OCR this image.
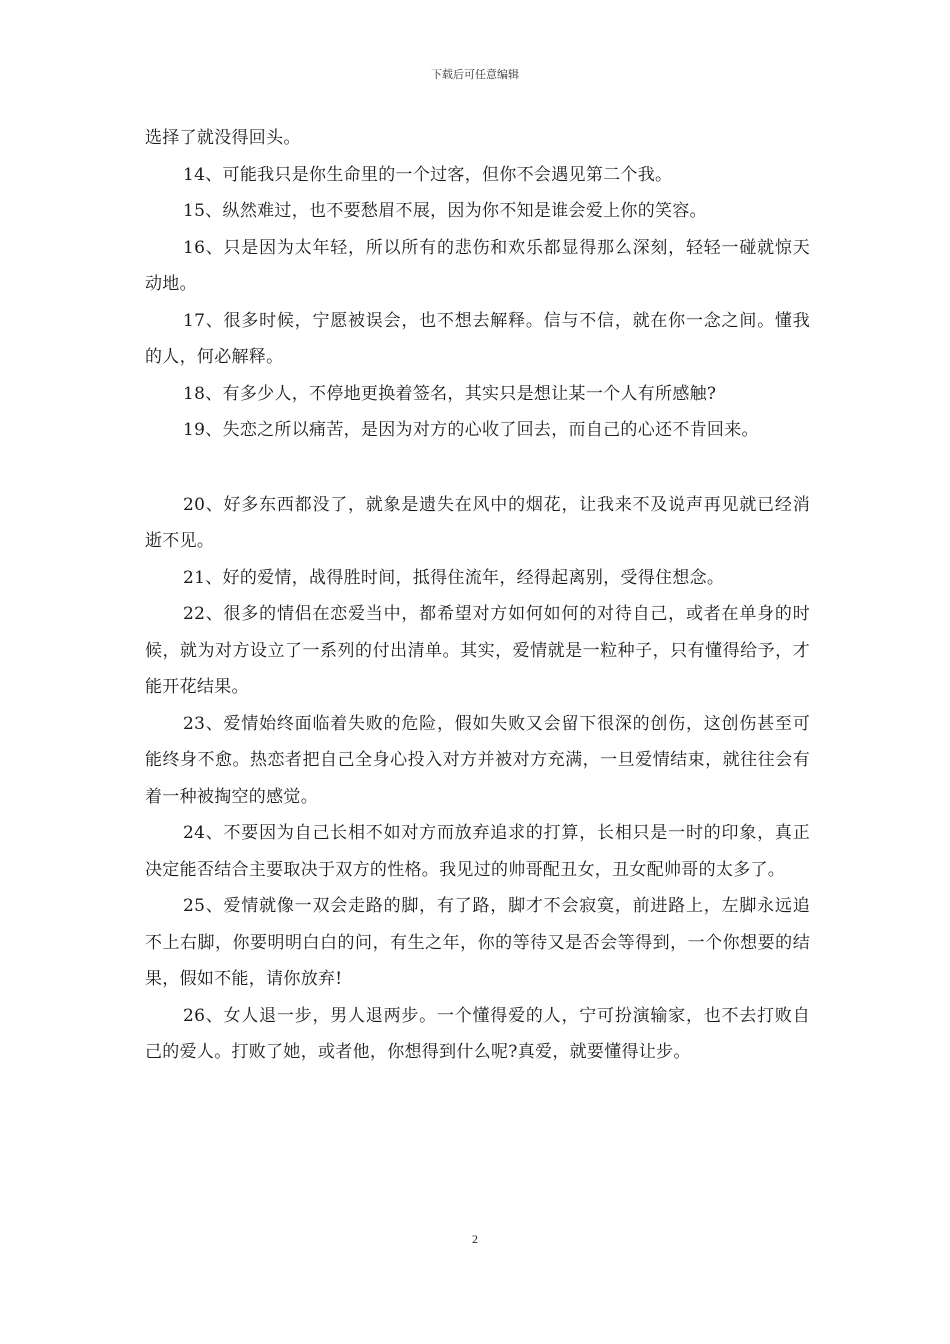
下载后可任意编辑

选择了就没得回头。

14、可能我只是你生命里的一个过客，但你不会遇见第二个我。

15、纵然难过，也不要愁眉不展，因为你不知是谁会爱上你的笑容。

16、只是因为太年轻，所以所有的悲伤和欢乐都显得那么深刻，轻轻一碰就惊天动地。

17、很多时候，宁愿被误会，也不想去解释。信与不信，就在你一念之间。懂我的人，何必解释。

18、有多少人，不停地更换着签名，其实只是想让某一个人有所感触?

19、失恋之所以痛苦，是因为对方的心收了回去，而自己的心还不肯回来。

20、好多东西都没了，就象是遗失在风中的烟花，让我来不及说声再见就已经消逝不见。

21、好的爱情，战得胜时间，抵得住流年，经得起离别，受得住想念。

22、很多的情侣在恋爱当中，都希望对方如何如何的对待自己，或者在单身的时候，就为对方设立了一系列的付出清单。其实，爱情就是一粒种子，只有懂得给予，才能开花结果。

23、爱情始终面临着失败的危险，假如失败又会留下很深的创伤，这创伤甚至可能终身不愈。热恋者把自己全身心投入对方并被对方充满，一旦爱情结束，就往往会有着一种被掏空的感觉。

24、不要因为自己长相不如对方而放弃追求的打算，长相只是一时的印象，真正决定能否结合主要取决于双方的性格。我见过的帅哥配丑女，丑女配帅哥的太多了。

25、爱情就像一双会走路的脚，有了路，脚才不会寂寞，前进路上，左脚永远追不上右脚，你要明明白白的问，有生之年，你的等待又是否会等得到，一个你想要的结果，假如不能，请你放弃!

26、女人退一步，男人退两步。一个懂得爱的人，宁可扮演输家，也不去打败自己的爱人。打败了她，或者他，你想得到什么呢?真爱，就要懂得让步。

2
